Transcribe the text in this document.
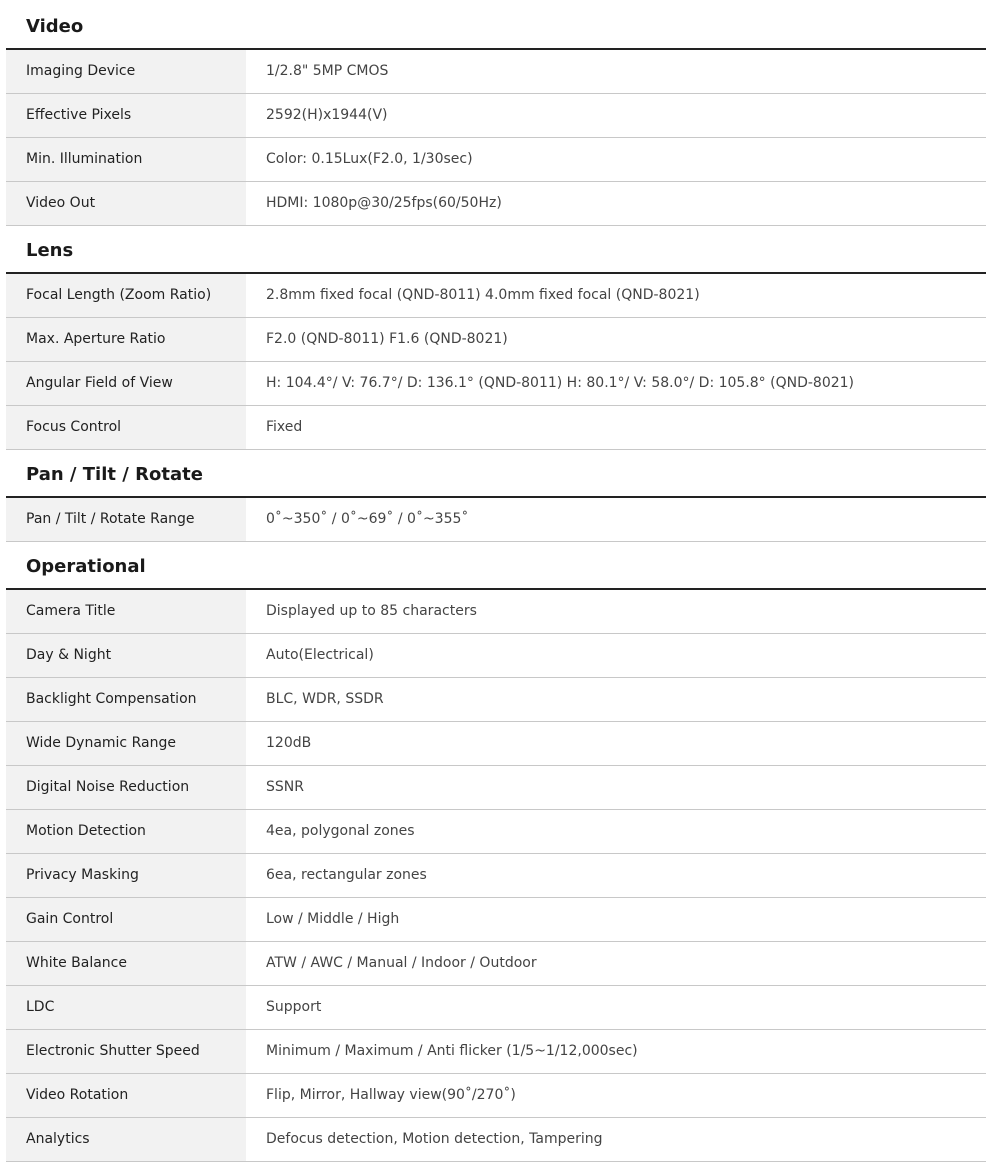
Video
Imaging Device	1/2.8" 5MP CMOS
Effective Pixels	2592(H)x1944(V)
Min. Illumination	Color: 0.15Lux(F2.0, 1/30sec)
Video Out	HDMI: 1080p@30/25fps(60/50Hz)
Lens
Focal Length (Zoom Ratio)	2.8mm fixed focal (QND-8011) 4.0mm fixed focal (QND-8021)
Max. Aperture Ratio	F2.0 (QND-8011) F1.6 (QND-8021)
Angular Field of View	H: 104.4°/ V: 76.7°/ D: 136.1° (QND-8011) H: 80.1°/ V: 58.0°/ D: 105.8° (QND-8021)
Focus Control	Fixed
Pan / Tilt / Rotate
Pan / Tilt / Rotate Range	0˚~350˚ / 0˚~69˚ / 0˚~355˚
Operational
Camera Title	Displayed up to 85 characters
Day & Night	Auto(Electrical)
Backlight Compensation	BLC, WDR, SSDR
Wide Dynamic Range	120dB
Digital Noise Reduction	SSNR
Motion Detection	4ea, polygonal zones
Privacy Masking	6ea, rectangular zones
Gain Control	Low / Middle / High
White Balance	ATW / AWC / Manual / Indoor / Outdoor
LDC	Support
Electronic Shutter Speed	Minimum / Maximum / Anti flicker (1/5~1/12,000sec)
Video Rotation	Flip, Mirror, Hallway view(90˚/270˚)
Analytics	Defocus detection, Motion detection, Tampering
